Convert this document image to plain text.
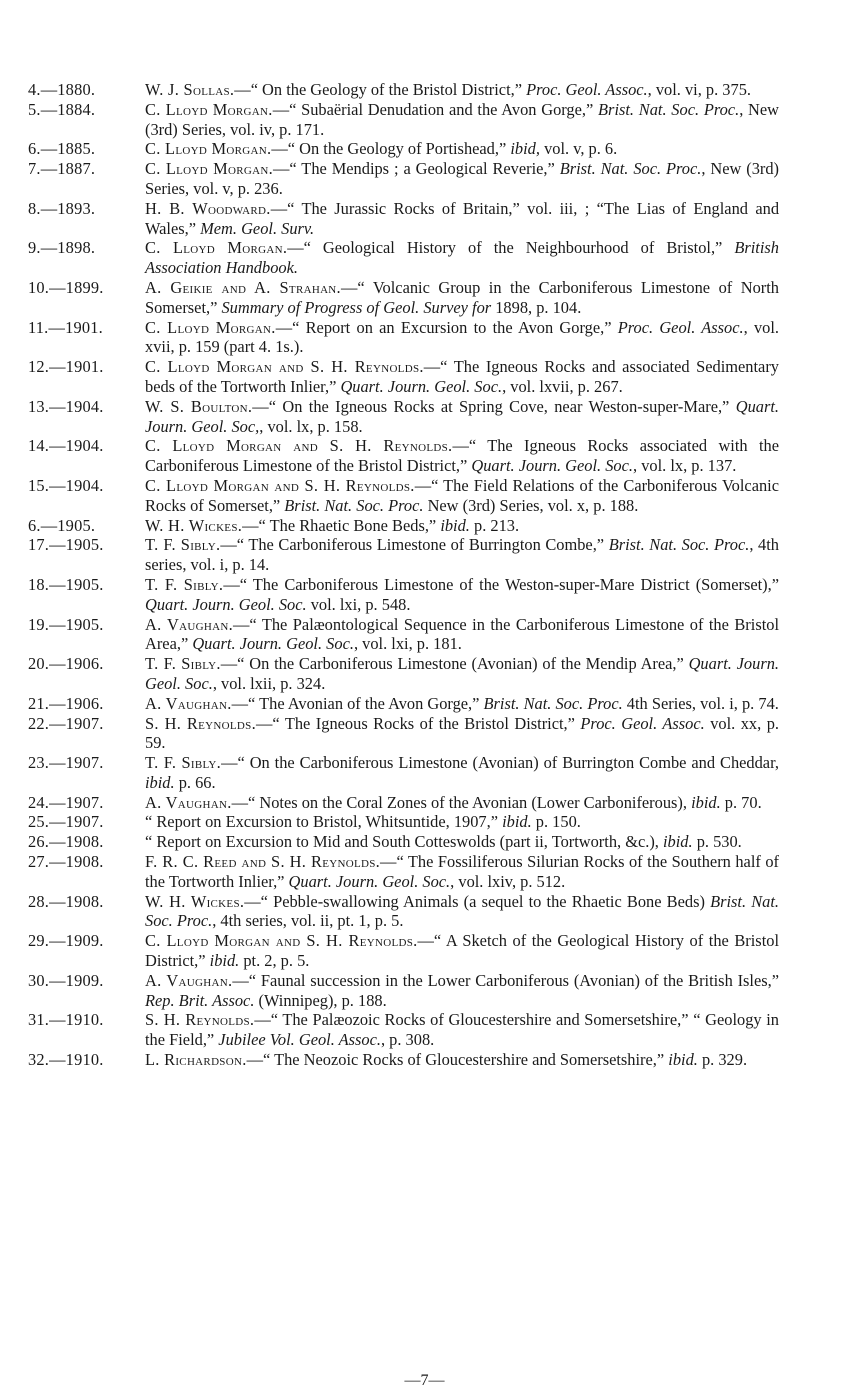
4.—1880.	W. J. Sollas.—“ On the Geology of the Bristol District,” Proc. Geol. Assoc., vol. vi, p. 375.
5.—1884.	C. Lloyd Morgan.—“ Subaërial Denudation and the Avon Gorge,” Brist. Nat. Soc. Proc., New (3rd) Series, vol. iv, p. 171.
6.—1885.	C. Lloyd Morgan.—“ On the Geology of Portishead,” ibid, vol. v, p. 6.
7.—1887.	C. Lloyd Morgan.—“ The Mendips ; a Geological Reverie,” Brist. Nat. Soc. Proc., New (3rd) Series, vol. v, p. 236.
8.—1893.	H. B. Woodward.—“ The Jurassic Rocks of Britain,” vol. iii, ; “The Lias of England and Wales,” Mem. Geol. Surv.
9.—1898.	C. Lloyd Morgan.—“ Geological History of the Neighbourhood of Bristol,” British Association Handbook.
10.—1899.	A. Geikie and A. Strahan.—“ Volcanic Group in the Carboniferous Limestone of North Somerset,” Summary of Progress of Geol. Survey for 1898, p. 104.
11.—1901.	C. Lloyd Morgan.—“ Report on an Excursion to the Avon Gorge,” Proc. Geol. Assoc., vol. xvii, p. 159 (part 4. 1s.).
12.—1901.	C. Lloyd Morgan and S. H. Reynolds.—“ The Igneous Rocks and associated Sedimentary beds of the Tortworth Inlier,” Quart. Journ. Geol. Soc., vol. lxvii, p. 267.
13.—1904.	W. S. Boulton.—“ On the Igneous Rocks at Spring Cove, near Weston-super-Mare,” Quart. Journ. Geol. Soc,, vol. lx, p. 158.
14.—1904.	C. Lloyd Morgan and S. H. Reynolds.—“ The Igneous Rocks associated with the Carboniferous Limestone of the Bristol District,” Quart. Journ. Geol. Soc., vol. lx, p. 137.
15.—1904.	C. Lloyd Morgan and S. H. Reynolds.—“ The Field Relations of the Carboniferous Volcanic Rocks of Somerset,” Brist. Nat. Soc. Proc. New (3rd) Series, vol. x, p. 188.
6.—1905.	W. H. Wickes.—“ The Rhaetic Bone Beds,” ibid. p. 213.
17.—1905.	T. F. Sibly.—“ The Carboniferous Limestone of Burrington Combe,” Brist. Nat. Soc. Proc., 4th series, vol. i, p. 14.
18.—1905.	T. F. Sibly.—“ The Carboniferous Limestone of the Weston-super-Mare District (Somerset),” Quart. Journ. Geol. Soc. vol. lxi, p. 548.
19.—1905.	A. Vaughan.—“ The Palæontological Sequence in the Carboniferous Limestone of the Bristol Area,” Quart. Journ. Geol. Soc., vol. lxi, p. 181.
20.—1906.	T. F. Sibly.—“ On the Carboniferous Limestone (Avonian) of the Mendip Area,” Quart. Journ. Geol. Soc., vol. lxii, p. 324.
21.—1906.	A. Vaughan.—“ The Avonian of the Avon Gorge,” Brist. Nat. Soc. Proc. 4th Series, vol. i, p. 74.
22.—1907.	S. H. Reynolds.—“ The Igneous Rocks of the Bristol District,” Proc. Geol. Assoc. vol. xx, p. 59.
23.—1907.	T. F. Sibly.—“ On the Carboniferous Limestone (Avonian) of Burrington Combe and Cheddar, ibid. p. 66.
24.—1907.	A. Vaughan.—“ Notes on the Coral Zones of the Avonian (Lower Carboniferous), ibid. p. 70.
25.—1907.	“ Report on Excursion to Bristol, Whitsuntide, 1907,” ibid. p. 150.
26.—1908.	“ Report on Excursion to Mid and South Cotteswolds (part ii, Tortworth, &c.), ibid. p. 530.
27.—1908.	F. R. C. Reed and S. H. Reynolds.—“ The Fossiliferous Silurian Rocks of the Southern half of the Tortworth Inlier,” Quart. Journ. Geol. Soc., vol. lxiv, p. 512.
28.—1908.	W. H. Wickes.—“ Pebble-swallowing Animals (a sequel to the Rhaetic Bone Beds) Brist. Nat. Soc. Proc., 4th series, vol. ii, pt. 1, p. 5.
29.—1909.	C. Lloyd Morgan and S. H. Reynolds.—“ A Sketch of the Geological History of the Bristol District,” ibid. pt. 2, p. 5.
30.—1909.	A. Vaughan.—“ Faunal succession in the Lower Carboniferous (Avonian) of the British Isles,” Rep. Brit. Assoc. (Winnipeg), p. 188.
31.—1910.	S. H. Reynolds.—“ The Palæozoic Rocks of Gloucestershire and Somersetshire,” “ Geology in the Field,” Jubilee Vol. Geol. Assoc., p. 308.
32.—1910.	L. Richardson.—“ The Neozoic Rocks of Gloucestershire and Somersetshire,” ibid. p. 329.
—7—
